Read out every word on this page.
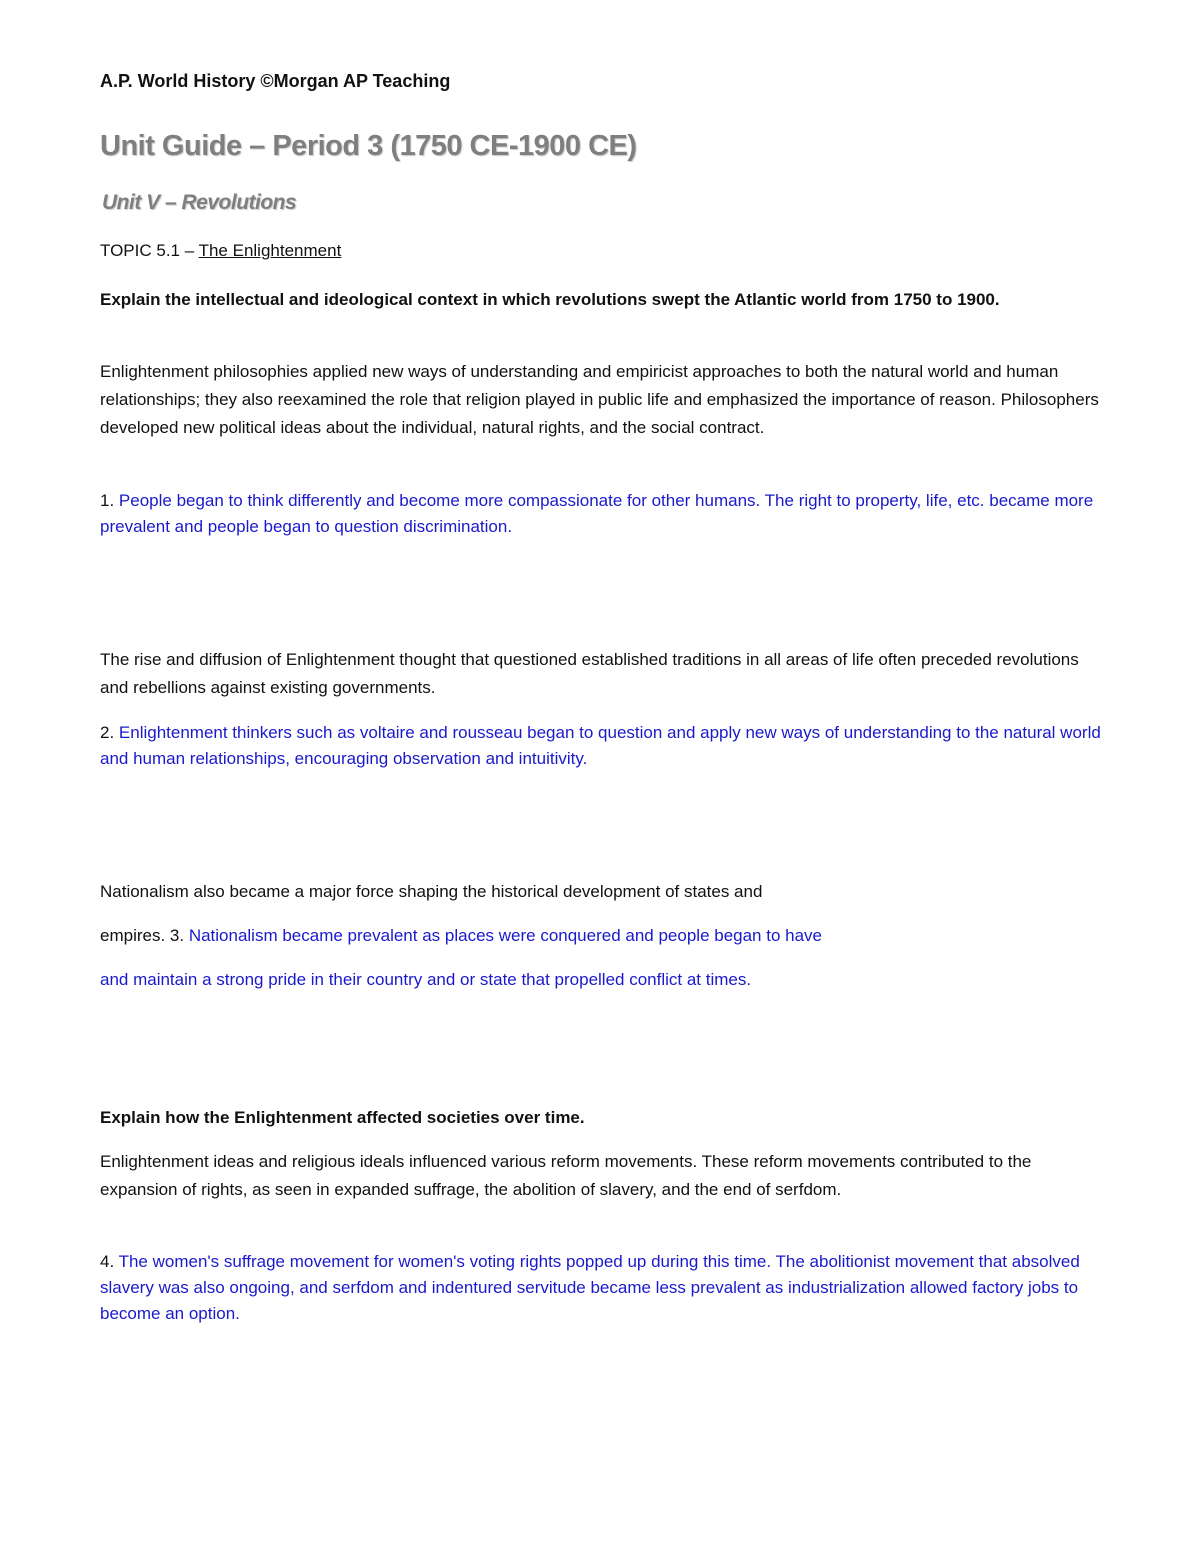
A.P. World History ©Morgan AP Teaching
Unit Guide – Period 3 (1750 CE-1900 CE)
Unit V – Revolutions
TOPIC 5.1 – The Enlightenment
Explain the intellectual and ideological context in which revolutions swept the Atlantic world from 1750 to 1900.
Enlightenment philosophies applied new ways of understanding and empiricist approaches to both the natural world and human relationships; they also reexamined the role that religion played in public life and emphasized the importance of reason. Philosophers developed new political ideas about the individual, natural rights, and the social contract.
1. People began to think differently and become more compassionate for other humans. The right to property, life, etc. became more prevalent and people began to question discrimination.
The rise and diffusion of Enlightenment thought that questioned established traditions in all areas of life often preceded revolutions and rebellions against existing governments.
2. Enlightenment thinkers such as voltaire and rousseau began to question and apply new ways of understanding to the natural world and human relationships, encouraging observation and intuitivity.
Nationalism also became a major force shaping the historical development of states and
empires. 3. Nationalism became prevalent as places were conquered and people began to have
and maintain a strong pride in their country and or state that propelled conflict at times.
Explain how the Enlightenment affected societies over time.
Enlightenment ideas and religious ideals influenced various reform movements. These reform movements contributed to the expansion of rights, as seen in expanded suffrage, the abolition of slavery, and the end of serfdom.
4. The women's suffrage movement for women's voting rights popped up during this time. The abolitionist movement that absolved slavery was also ongoing, and serfdom and indentured servitude became less prevalent as industrialization allowed factory jobs to become an option.
